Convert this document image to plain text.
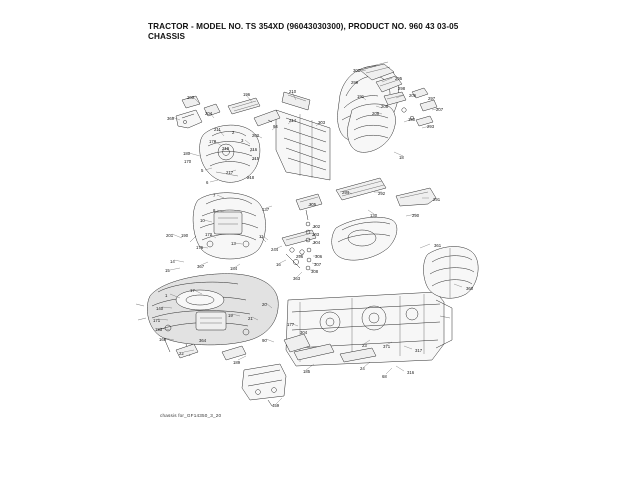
TRACTOR - MODEL NO. TS 354XD (96043030300), PRODUCT NO. 960 43 03-05
CHASSIS
300
295
299
298
206
297
200
196
210
191
207
208
209
369
204
214
94
203
130
293
211
2
178	3
202
180
219	216
215	18
170
5	217
218
6
292
294
7
137
291
8
305
130	290
10
302
201 190	172	303
11
13
176
304
361
244
296	306
14
16	307
15
367	184
308
363
360
17
1
20
140
19
171	21
177
183
304
169	364	90
23	371
317
22
189
185
24
68
316
459
chassis for_GF14350_3_20
